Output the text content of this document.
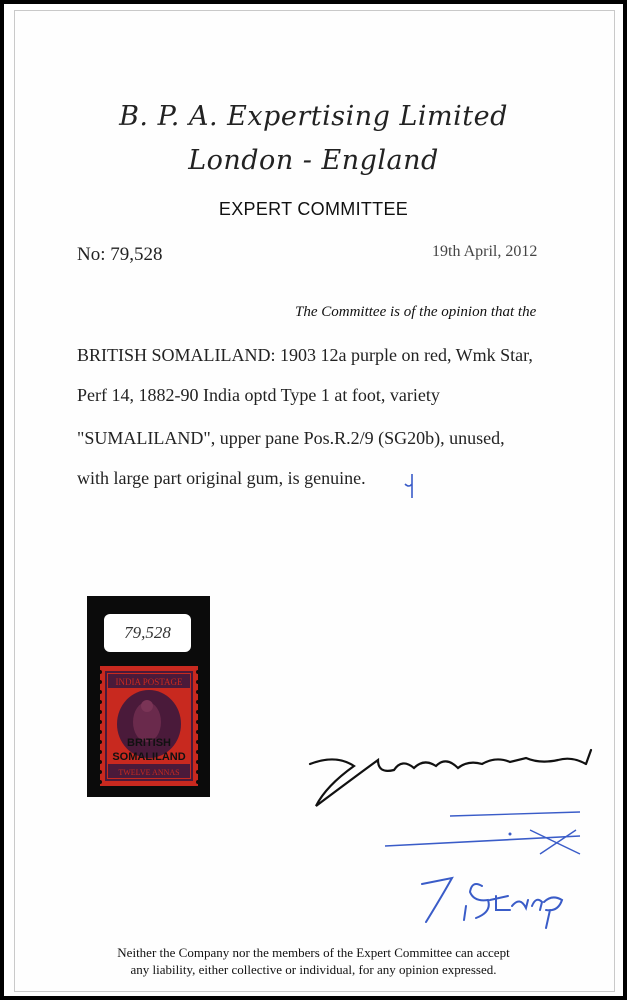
B. P. A. Expertising Limited
London - England
EXPERT COMMITTEE
No: 79,528	19th April, 2012
The Committee is of the opinion that the
BRITISH SOMALILAND: 1903 12a purple on red, Wmk Star,
Perf 14, 1882-90 India optd Type 1 at foot, variety
"SUMALILAND", upper pane Pos.R.2/9 (SG20b), unused,
with large part original gum, is genuine.
79,528
INDIA POSTAGE
BRITISH
SOMALILAND
TWELVE ANNAS
Neither the Company nor the members of the Expert Committee can accept
any liability, either collective or individual, for any opinion expressed.
